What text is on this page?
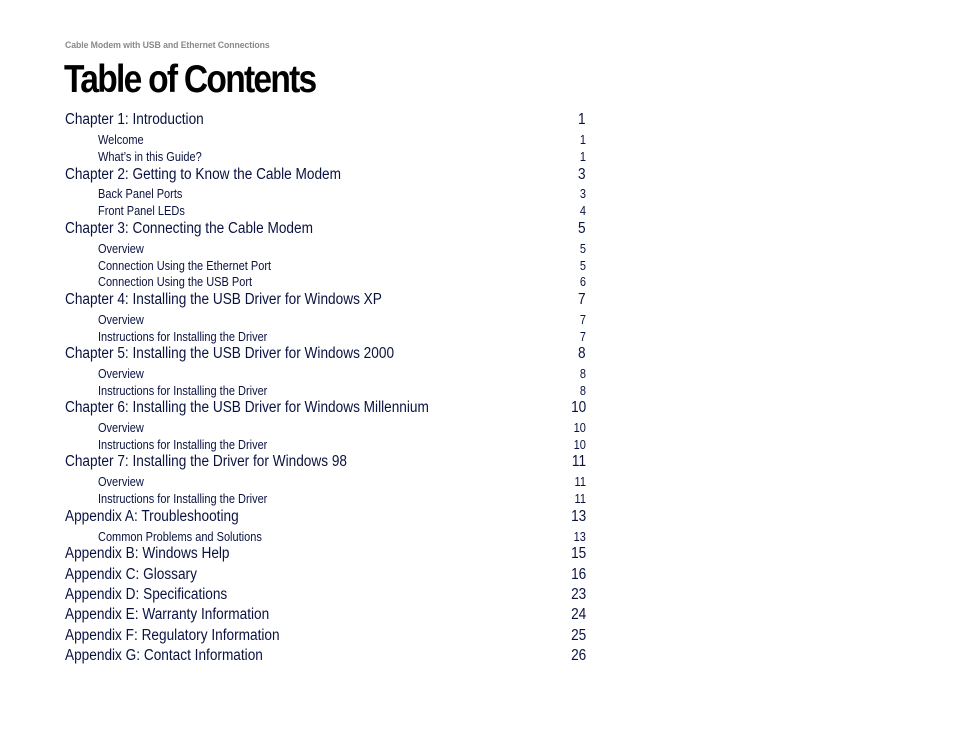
Cable Modem with USB and Ethernet Connections
Table of Contents
Chapter 1: Introduction	1
Welcome	1
What’s in this Guide?	1
Chapter 2: Getting to Know the Cable Modem	3
Back Panel Ports	3
Front Panel LEDs	4
Chapter 3: Connecting the Cable Modem	5
Overview	5
Connection Using the Ethernet Port	5
Connection Using the USB Port	6
Chapter 4: Installing the USB Driver for Windows XP	7
Overview	7
Instructions for Installing the Driver	7
Chapter 5: Installing the USB Driver for Windows 2000	8
Overview	8
Instructions for Installing the Driver	8
Chapter 6: Installing the USB Driver for Windows Millennium	10
Overview	10
Instructions for Installing the Driver	10
Chapter 7: Installing the Driver for Windows 98	11
Overview	11
Instructions for Installing the Driver	11
Appendix A: Troubleshooting	13
Common Problems and Solutions	13
Appendix B: Windows Help	15
Appendix C: Glossary	16
Appendix D: Specifications	23
Appendix E: Warranty Information	24
Appendix F: Regulatory Information	25
Appendix G: Contact Information	26
